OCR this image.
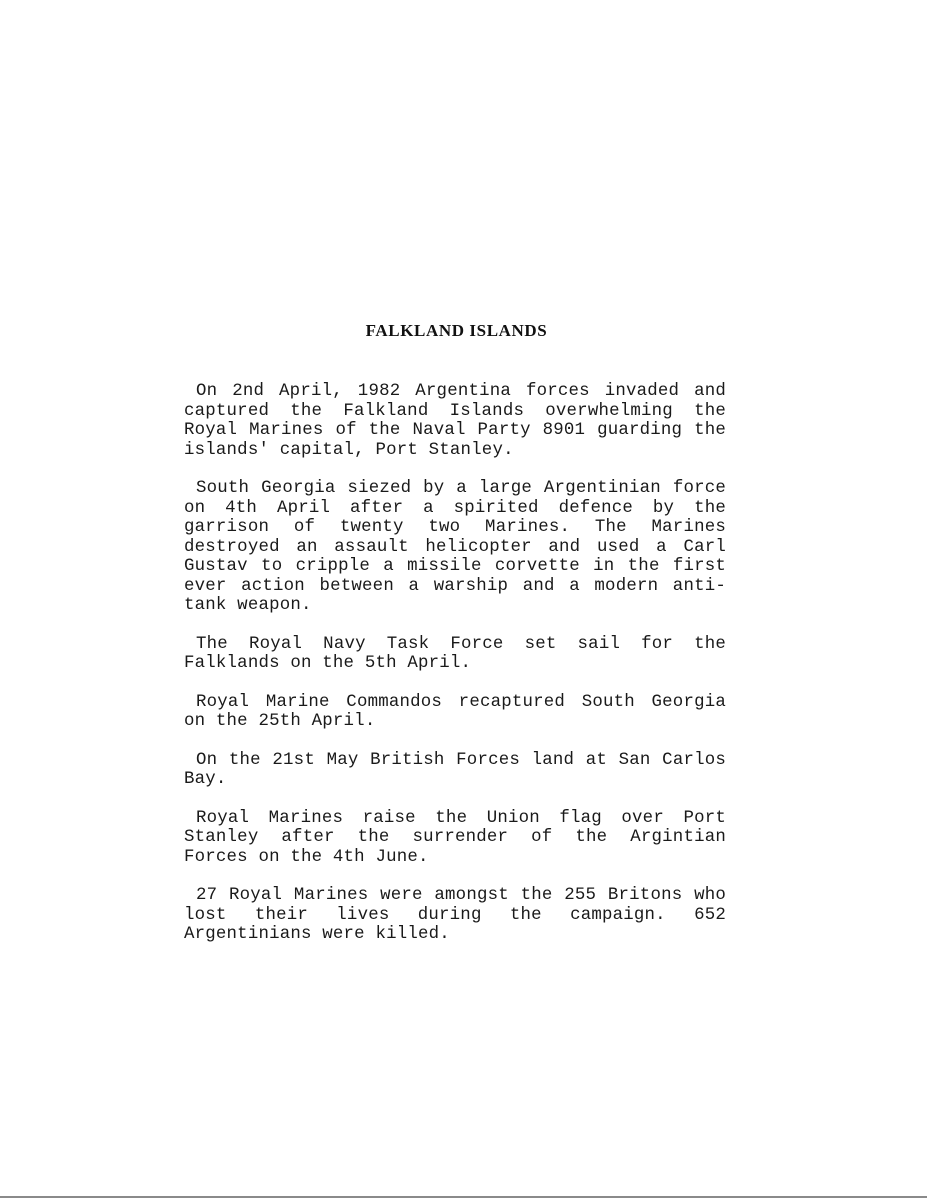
FALKLAND ISLANDS

On 2nd April, 1982 Argentina forces invaded and captured the Falkland Islands overwhelming the Royal Marines of the Naval Party 8901 guarding the islands' capital, Port Stanley.

South Georgia siezed by a large Argentinian force on 4th April after a spirited defence by the garrison of twenty two Marines. The Marines destroyed an assault helicopter and used a Carl Gustav to cripple a missile corvette in the first ever action between a warship and a modern anti-tank weapon.

The Royal Navy Task Force set sail for the Falklands on the 5th April.

Royal Marine Commandos recaptured South Georgia on the 25th April.

On the 21st May British Forces land at San Carlos Bay.

Royal Marines raise the Union flag over Port Stanley after the surrender of the Argintian Forces on the 4th June.

27 Royal Marines were amongst the 255 Britons who lost their lives during the campaign. 652 Argentinians were killed.
